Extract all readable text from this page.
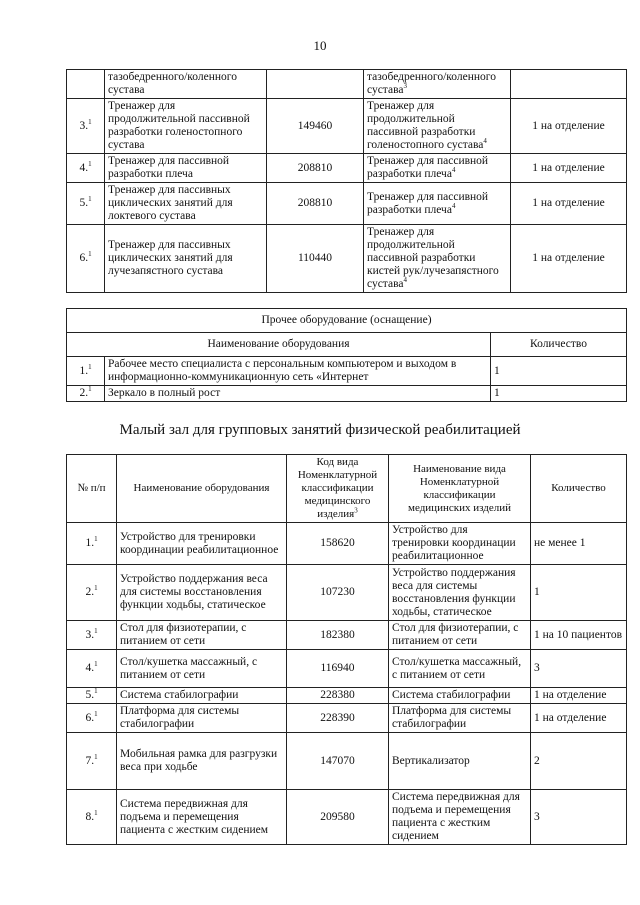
10
	тазобедренного/коленного сустава		тазобедренного/коленного сустава$^3$	
3.$^1$	Тренажер для продолжительной пассивной разработки голеностопного сустава	149460	Тренажер для продолжительной пассивной разработки голеностопного сустава$^4$	1 на отделение
4.$^1$	Тренажер для пассивной разработки плеча	208810	Тренажер для пассивной разработки плеча$^4$	1 на отделение
5.$^1$	Тренажер для пассивных циклических занятий для локтевого сустава	208810	Тренажер для пассивной разработки плеча$^4$	1 на отделение
6.$^1$	Тренажер для пассивных циклических занятий для лучезапястного сустава	110440	Тренажер для продолжительной пассивной разработки кистей рук/лучезапястного сустава$^4$	1 на отделение
Прочее оборудование (оснащение)		
Наименование оборудования		Количество
1.$^1$	Рабочее место специалиста с персональным компьютером и выходом в информационно-коммуникационную сеть «Интернет	1
2.$^1$	Зеркало в полный рост	1
Малый зал для групповых занятий физической реабилитацией
№ п/п	Наименование оборудования	Код вида Номенклатурной классификации медицинского изделия$^3$	Наименование вида Номенклатурной классификации медицинских изделий	Количество
1.$^1$	Устройство для тренировки координации реабилитационное	158620	Устройство для тренировки координации реабилитационное	не менее 1
2.$^1$	Устройство поддержания веса для системы восстановления функции ходьбы, статическое	107230	Устройство поддержания веса для системы восстановления функции ходьбы, статическое	1
3.$^1$	Стол для физиотерапии, с питанием от сети	182380	Стол для физиотерапии, с питанием от сети	1 на 10 пациентов
4.$^1$	Стол/кушетка массажный, с питанием от сети	116940	Стол/кушетка массажный, с питанием от сети	3
5.$^1$	Система стабилографии	228380	Система стабилографии	1 на отделение
6.$^1$	Платформа для системы стабилографии	228390	Платформа для системы стабилографии	1 на отделение
7.$^1$	Мобильная рамка для разгрузки веса при ходьбе	147070	Вертикализатор	2
8.$^1$	Система передвижная для подъема и перемещения пациента с жестким сидением	209580	Система передвижная для подъема и перемещения пациента с жестким сидением	3
